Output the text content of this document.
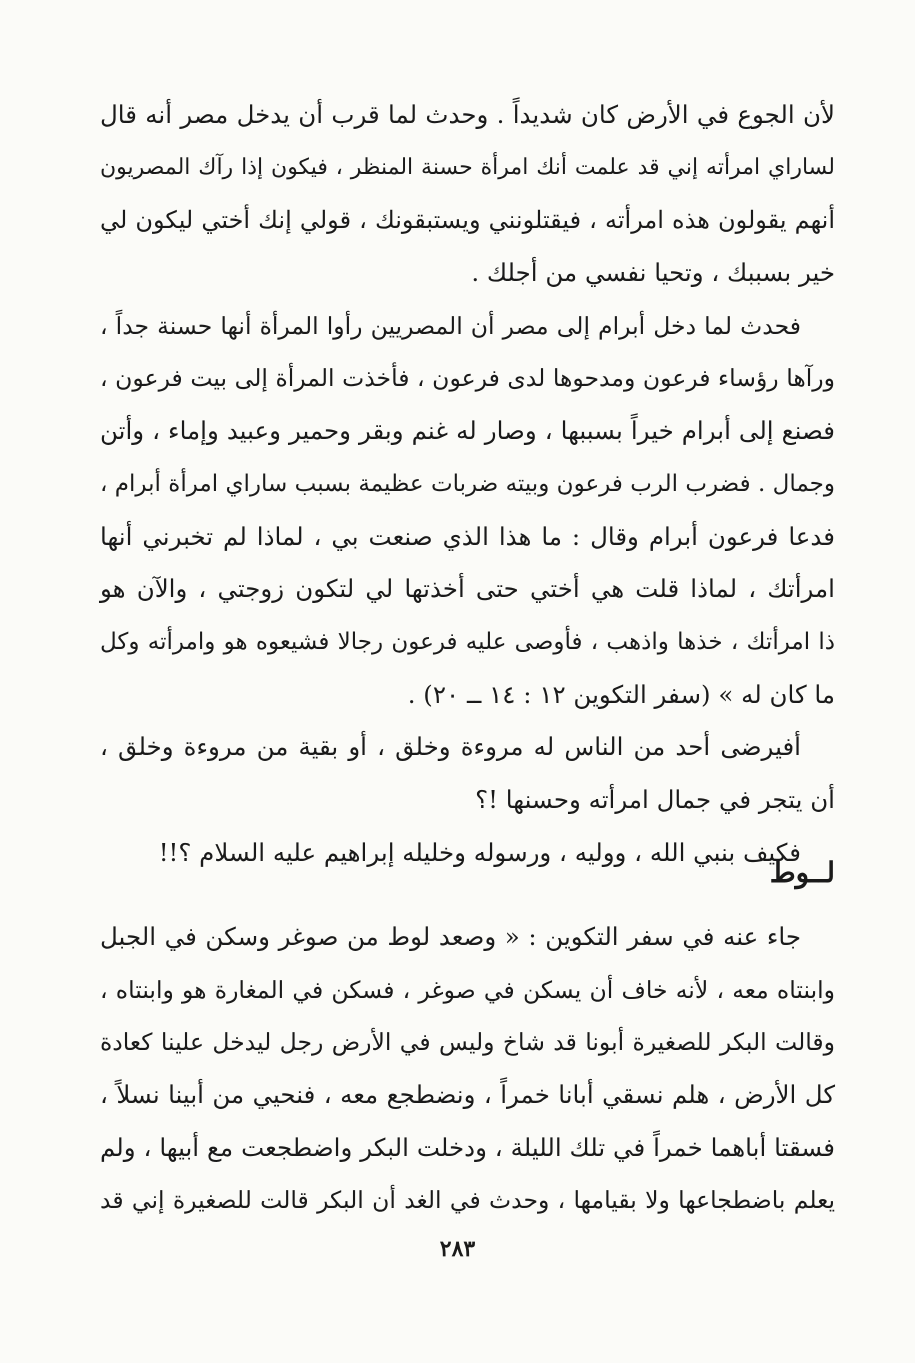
لأن الجوع في الأرض كان شديداً . وحدث لما قرب أن يدخل مصر أنه قال
لساراي امرأته إني قد علمت أنك امرأة حسنة المنظر ، فيكون إذا رآك المصريون
أنهم يقولون هذه امرأته ، فيقتلونني ويستبقونك ، قولي إنك أختي ليكون لي
خير بسببك ، وتحيا نفسي من أجلك .
فحدث لما دخل أبرام إلى مصر أن المصريين رأوا المرأة أنها حسنة جداً ،
ورآها رؤساء فرعون ومدحوها لدى فرعون ، فأخذت المرأة إلى بيت فرعون ،
فصنع إلى أبرام خيراً بسببها ، وصار له غنم وبقر وحمير وعبيد وإماء ، وأتن
وجمال . فضرب الرب فرعون وبيته ضربات عظيمة بسبب ساراي امرأة أبرام ،
فدعا فرعون أبرام وقال : ما هذا الذي صنعت بي ، لماذا لم تخبرني أنها
امرأتك ، لماذا قلت هي أختي حتى أخذتها لي لتكون زوجتي ، والآن هو
ذا امرأتك ، خذها واذهب ، فأوصى عليه فرعون رجالا فشيعوه هو وامرأته وكل
ما كان له » (سفر التكوين ١٢ : ١٤ ــ ٢٠) .
أفيرضى أحد من الناس له مروءة وخلق ، أو بقية من مروءة وخلق ،
أن يتجر في جمال امرأته وحسنها !؟
فكيف بنبي الله ، ووليه ، ورسوله وخليله إبراهيم عليه السلام ؟!!
لــوط
جاء عنه في سفر التكوين : « وصعد لوط من صوغر وسكن في الجبل
وابنتاه معه ، لأنه خاف أن يسكن في صوغر ، فسكن في المغارة هو وابنتاه ،
وقالت البكر للصغيرة أبونا قد شاخ وليس في الأرض رجل ليدخل علينا كعادة
كل الأرض ، هلم نسقي أبانا خمراً ، ونضطجع معه ، فنحيي من أبينا نسلاً ،
فسقتا أباهما خمراً في تلك الليلة ، ودخلت البكر واضطجعت مع أبيها ، ولم
يعلم باضطجاعها ولا بقيامها ، وحدث في الغد أن البكر قالت للصغيرة إني قد
٢٨٣
